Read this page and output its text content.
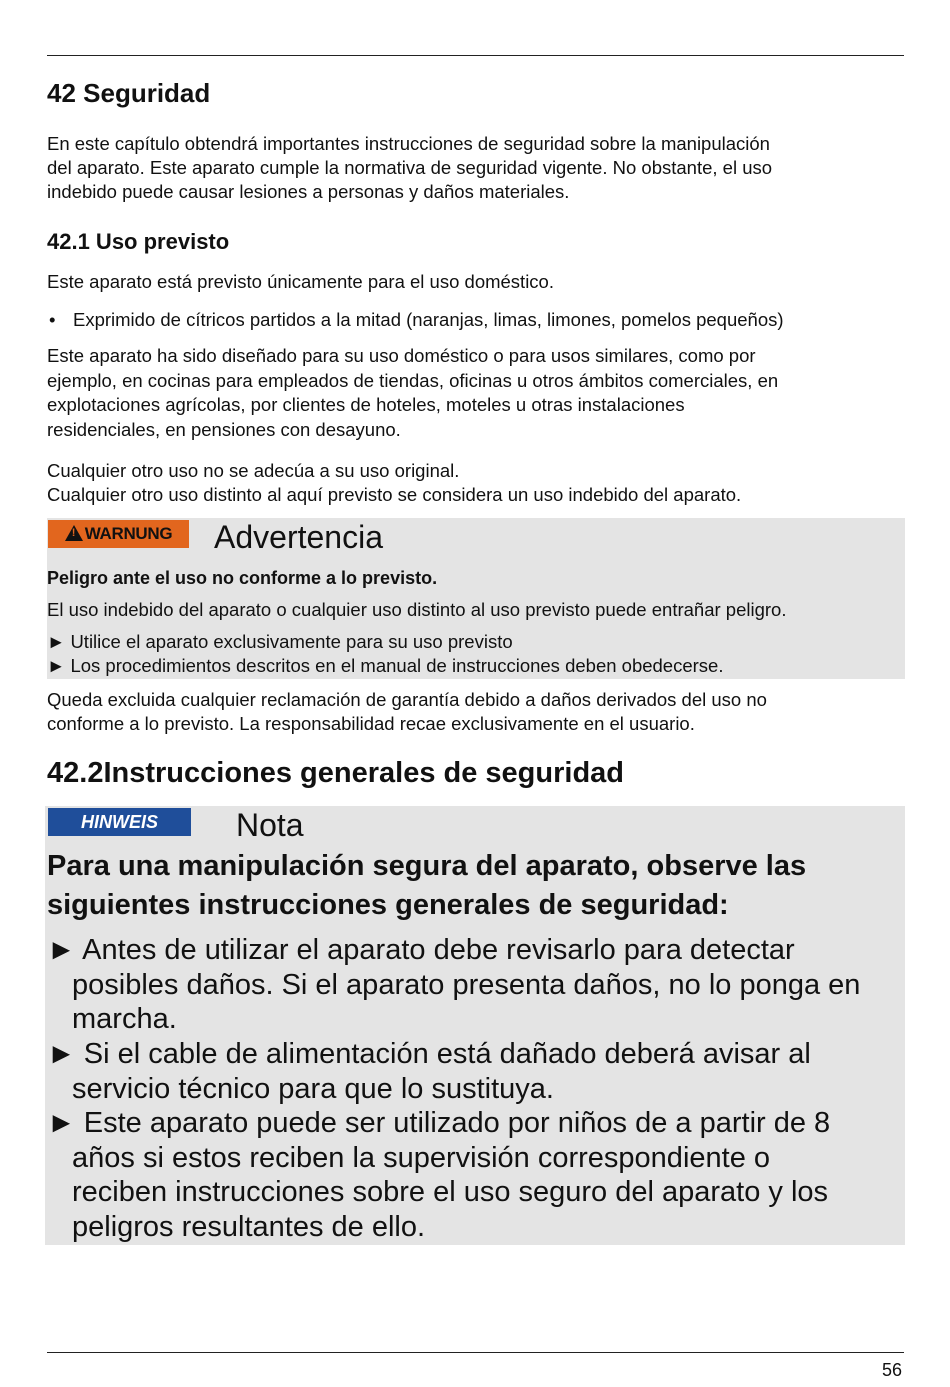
42 Seguridad
En este capítulo obtendrá importantes instrucciones de seguridad sobre la manipulación
del aparato. Este aparato cumple la normativa de seguridad vigente. No obstante, el uso
indebido puede causar lesiones a personas y daños materiales.
42.1 Uso previsto
Este aparato está previsto únicamente para el uso doméstico.
• Exprimido de cítricos partidos a la mitad (naranjas, limas, limones, pomelos pequeños)
Este aparato ha sido diseñado para su uso doméstico o para usos similares, como por
ejemplo, en cocinas para empleados de tiendas, oficinas u otros ámbitos comerciales, en
explotaciones agrícolas, por clientes de hoteles, moteles u otras instalaciones
residenciales, en pensiones con desayuno.
Cualquier otro uso no se adecúa a su uso original.
Cualquier otro uso distinto al aquí previsto se considera un uso indebido del aparato.
!
WARNUNG Advertencia
Peligro ante el uso no conforme a lo previsto.
El uso indebido del aparato o cualquier uso distinto al uso previsto puede entrañar peligro.
► Utilice el aparato exclusivamente para su uso previsto
► Los procedimientos descritos en el manual de instrucciones deben obedecerse.
Queda excluida cualquier reclamación de garantía debido a daños derivados del uso no
conforme a lo previsto. La responsabilidad recae exclusivamente en el usuario.
42.2Instrucciones generales de seguridad
HINWEIS Nota
Para una manipulación segura del aparato, observe las
siguientes instrucciones generales de seguridad:
► Antes de utilizar el aparato debe revisarlo para detectar
posibles daños. Si el aparato presenta daños, no lo ponga en
marcha.
► Si el cable de alimentación está dañado deberá avisar al
servicio técnico para que lo sustituya.
► Este aparato puede ser utilizado por niños de a partir de 8
años si estos reciben la supervisión correspondiente o
reciben instrucciones sobre el uso seguro del aparato y los
peligros resultantes de ello.
56
